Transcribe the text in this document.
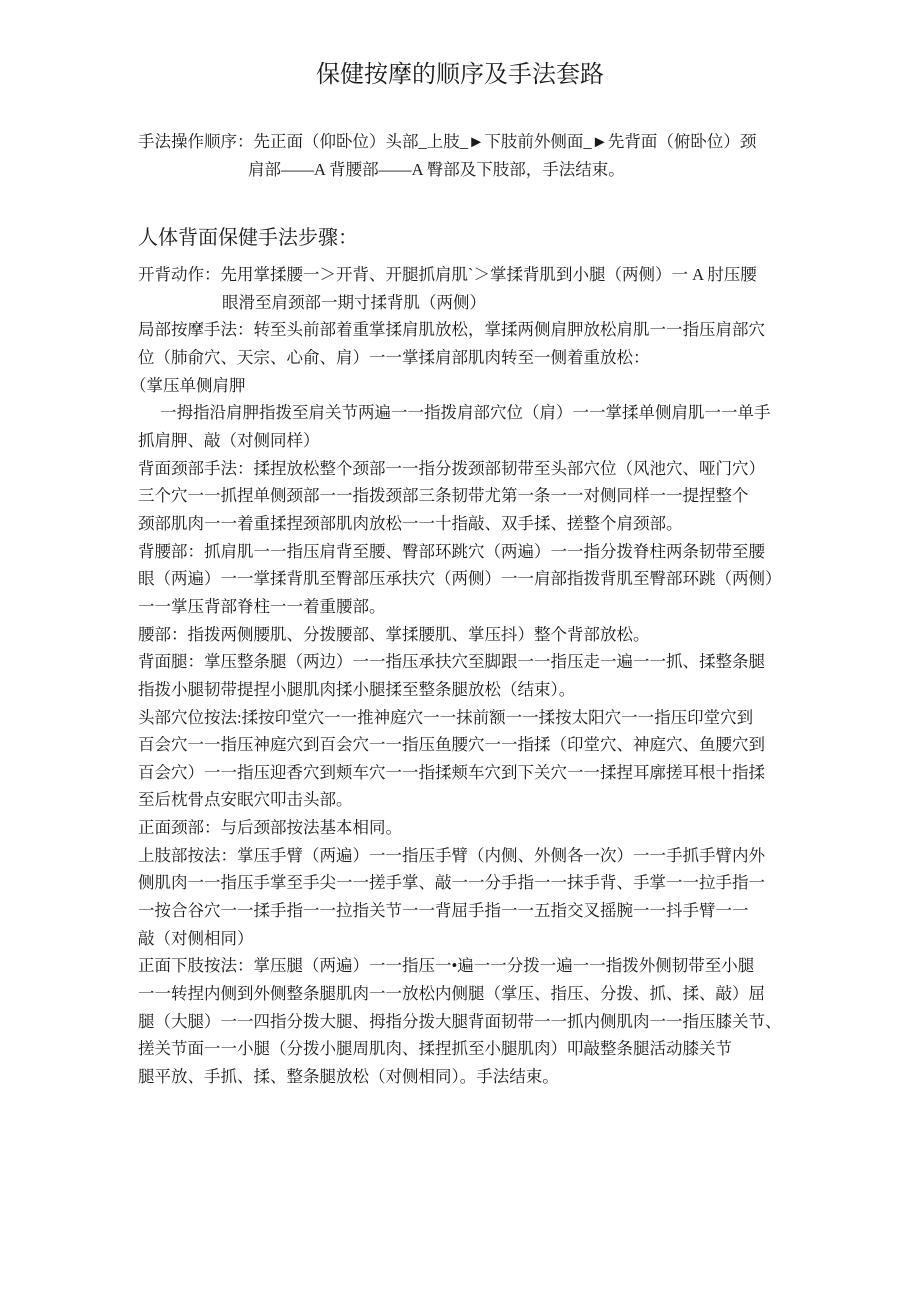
保健按摩的顺序及手法套路
手法操作顺序：先正面（仰卧位）头部_上肢_►下肢前外侧面_►先背面（俯卧位）颈
肩部——A 背腰部——A 臀部及下肢部，手法结束。
人体背面保健手法步骤：
开背动作：先用掌揉腰一＞开背、开腿抓肩肌`＞掌揉背肌到小腿（两侧）一 A 肘压腰
眼滑至肩颈部一期寸揉背肌（两侧）
局部按摩手法：转至头前部着重掌揉肩肌放松，掌揉两侧肩胛放松肩肌一一指压肩部穴
位（肺俞穴、天宗、心俞、肩）一一掌揉肩部肌肉转至一侧着重放松：
（掌压单侧肩胛
一拇指沿肩胛指拨至肩关节两遍一一指拨肩部穴位（肩）一一掌揉单侧肩肌一一单手
抓肩胛、敲（对侧同样）
背面颈部手法：揉捏放松整个颈部一一指分拨颈部韧带至头部穴位（风池穴、哑门穴）
三个穴一一抓捏单侧颈部一一指拨颈部三条韧带尤第一条一一对侧同样一一提捏整个
颈部肌肉一一着重揉捏颈部肌肉放松一一十指敲、双手揉、搓整个肩颈部。
背腰部：抓肩肌一一指压肩背至腰、臀部环跳穴（两遍）一一指分拨脊柱两条韧带至腰
眼（两遍）一一掌揉背肌至臀部压承扶穴（两侧）一一肩部指拨背肌至臀部环跳（两侧）
一一掌压背部脊柱一一着重腰部。
腰部：指拨两侧腰肌、分拨腰部、掌揉腰肌、掌压抖）整个背部放松。
背面腿：掌压整条腿（两边）一一指压承扶穴至脚跟一一指压走一遍一一抓、揉整条腿
指拨小腿韧带提捏小腿肌肉揉小腿揉至整条腿放松（结束）。
头部穴位按法:揉按印堂穴一一推神庭穴一一抹前额一一揉按太阳穴一一指压印堂穴到
百会穴一一指压神庭穴到百会穴一一指压鱼腰穴一一指揉（印堂穴、神庭穴、鱼腰穴到
百会穴）一一指压迎香穴到颊车穴一一指揉颊车穴到下关穴一一揉捏耳廓搓耳根十指揉
至后枕骨点安眠穴叩击头部。
正面颈部：与后颈部按法基本相同。
上肢部按法：掌压手臂（两遍）一一指压手臂（内侧、外侧各一次）一一手抓手臂内外
侧肌肉一一指压手掌至手尖一一搓手掌、敲一一分手指一一抹手背、手掌一一拉手指一
一按合谷穴一一揉手指一一拉指关节一一背屈手指一一五指交叉摇腕一一抖手臂一一
敲（对侧相同）
正面下肢按法：掌压腿（两遍）一一指压一•遍一一分拨一遍一一指拨外侧韧带至小腿
一一转捏内侧到外侧整条腿肌肉一一放松内侧腿（掌压、指压、分拨、抓、揉、敲）屈
腿（大腿）一一四指分拨大腿、拇指分拨大腿背面韧带一一抓内侧肌肉一一指压膝关节、
搓关节面一一小腿（分拨小腿周肌肉、揉捏抓至小腿肌肉）叩敲整条腿活动膝关节
腿平放、手抓、揉、整条腿放松（对侧相同）。手法结束。
